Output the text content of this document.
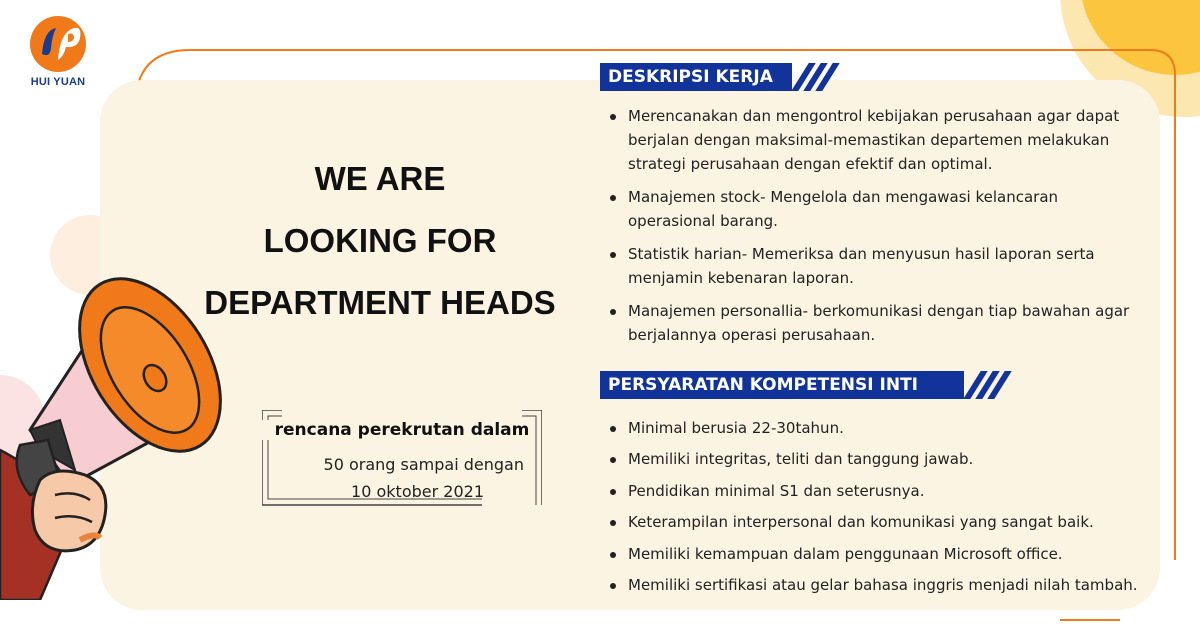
HUI YUAN
WE ARE
LOOKING FOR
DEPARTMENT HEADS
rencana perekrutan dalam
50 orang sampai dengan
10 oktober 2021
DESKRIPSI KERJA
Merencanakan dan mengontrol kebijakan perusahaan agar dapat berjalan dengan maksimal-memastikan departemen melakukan strategi perusahaan dengan efektif dan optimal.
Manajemen stock- Mengelola dan mengawasi kelancaran operasional barang.
Statistik harian- Memeriksa dan menyusun hasil laporan serta menjamin kebenaran laporan.
Manajemen personallia- berkomunikasi dengan tiap bawahan agar berjalannya operasi perusahaan.
PERSYARATAN KOMPETENSI INTI
Minimal berusia 22-30tahun.
Memiliki integritas, teliti dan tanggung jawab.
Pendidikan minimal S1 dan seterusnya.
Keterampilan interpersonal dan komunikasi yang sangat baik.
Memiliki kemampuan dalam penggunaan Microsoft office.
Memiliki sertifikasi atau gelar bahasa inggris menjadi nilah tambah.
